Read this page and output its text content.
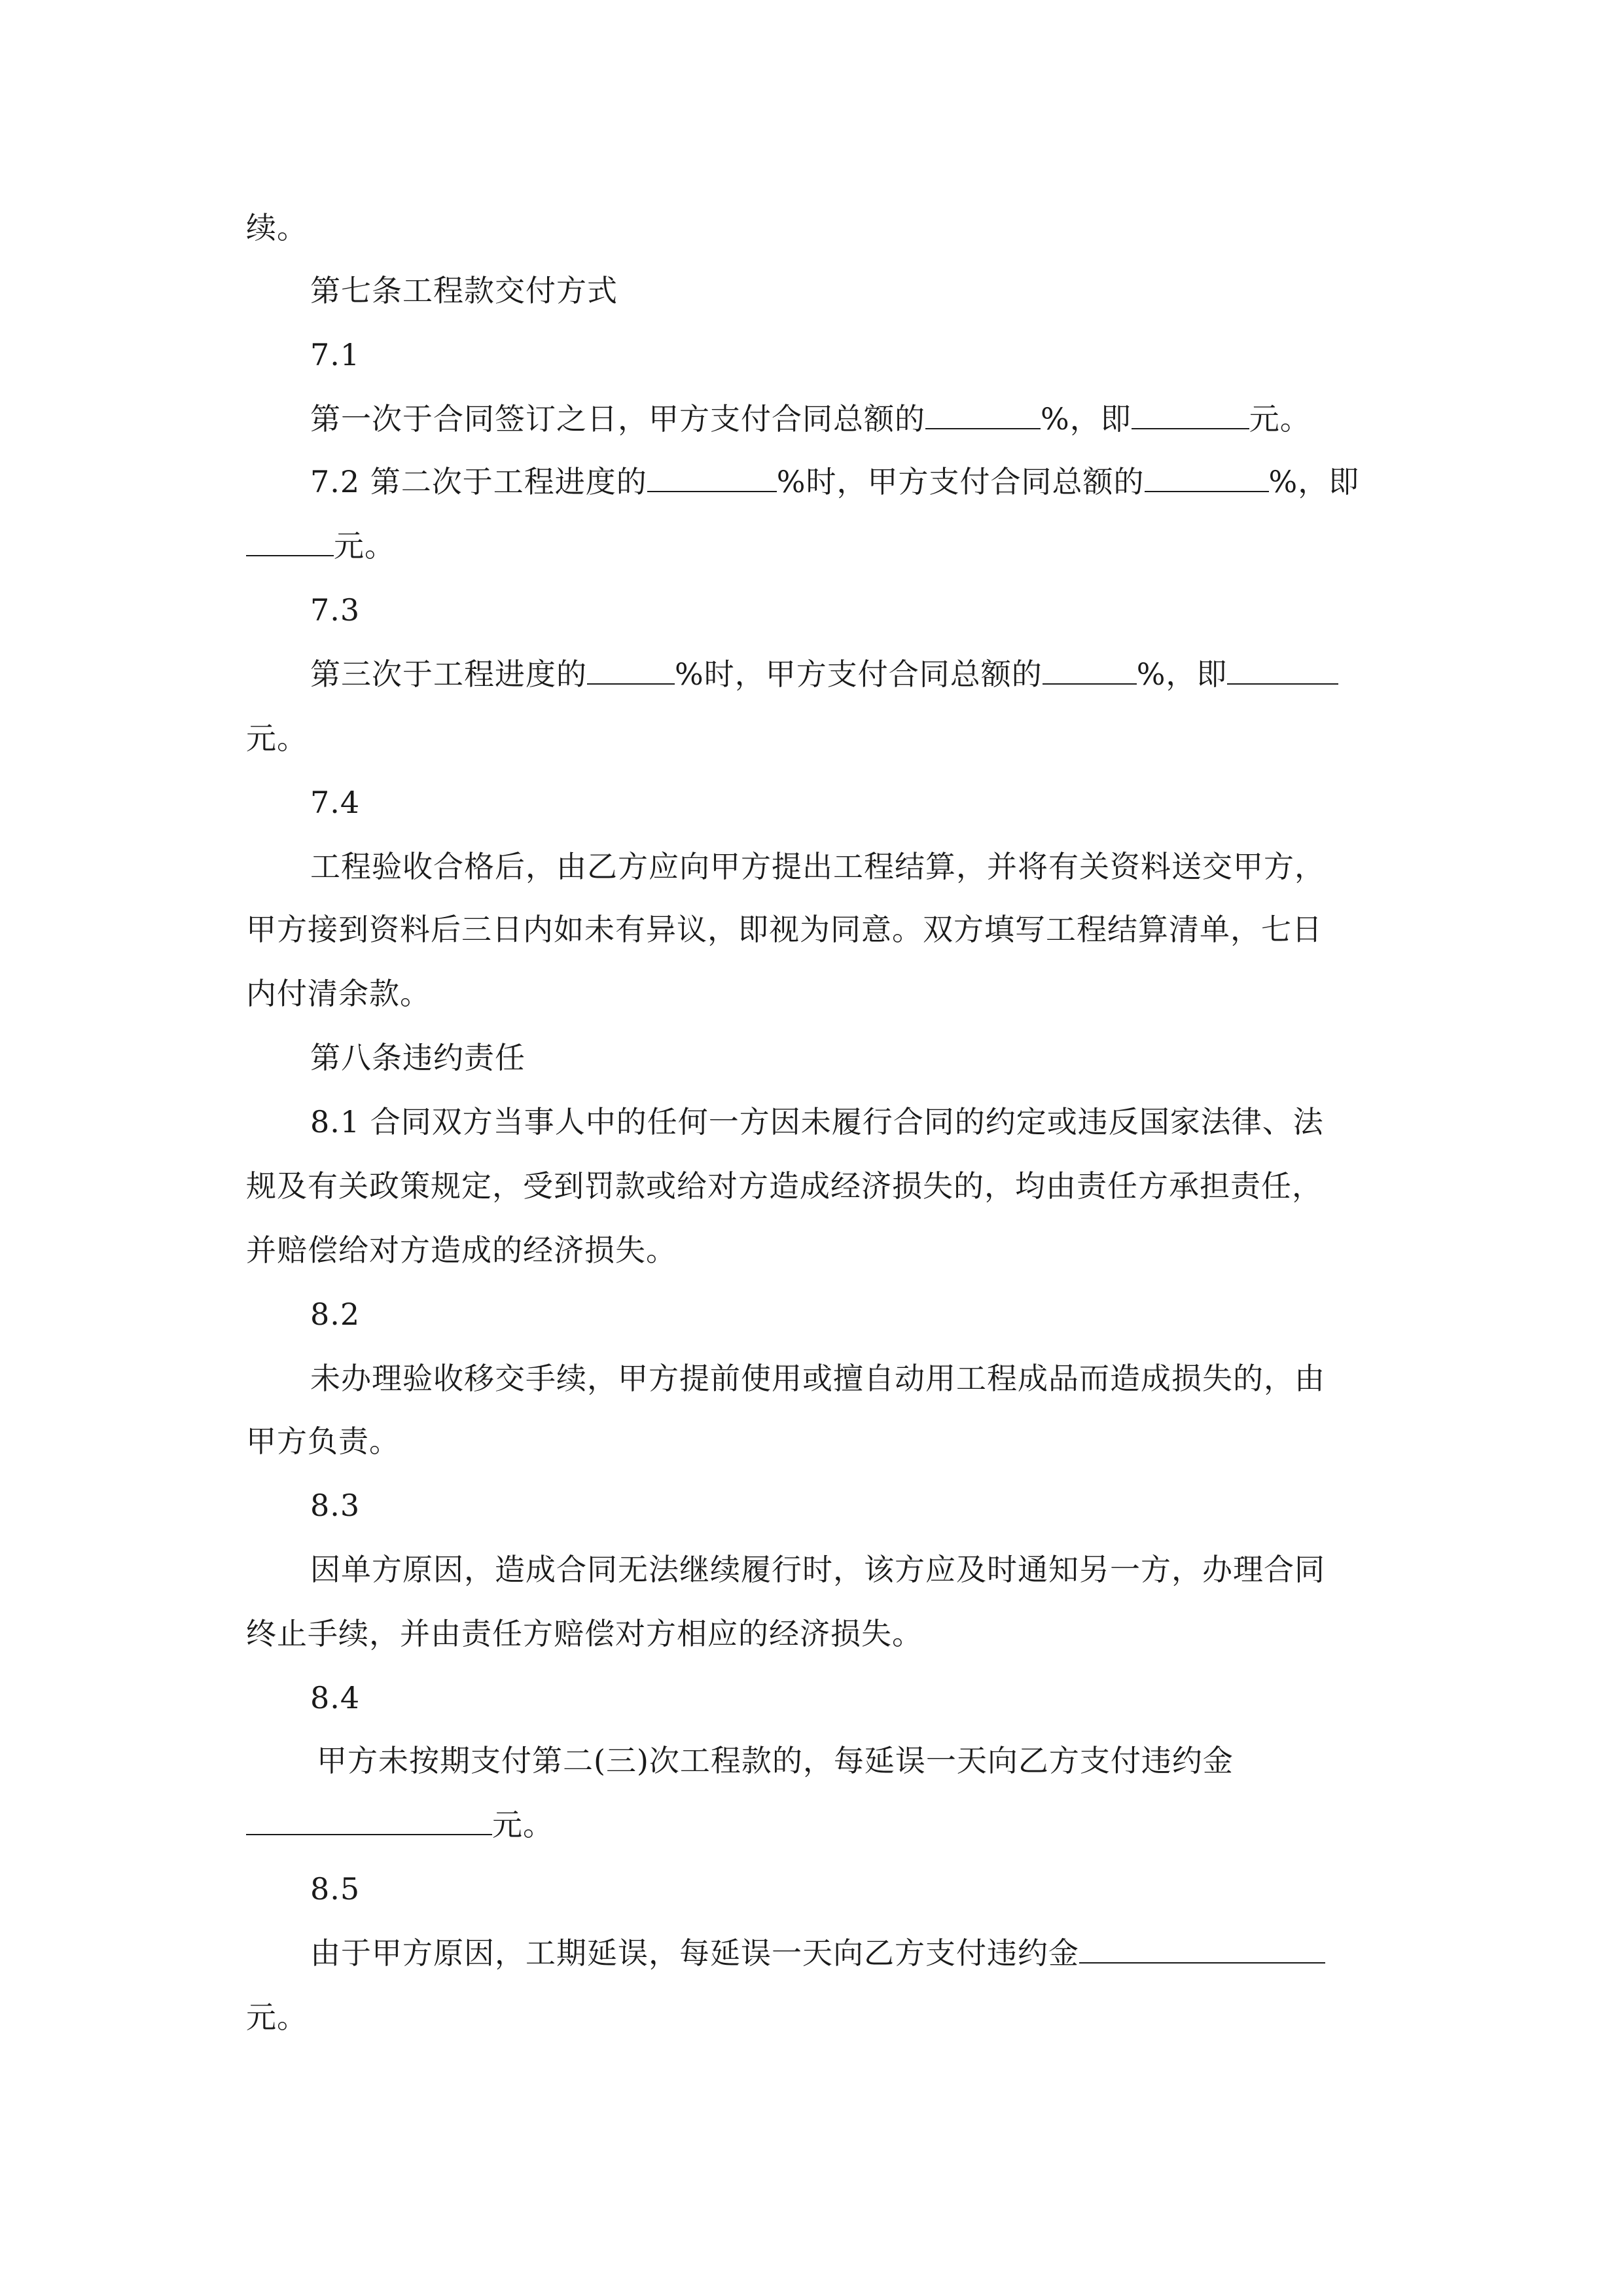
续。
第七条工程款交付方式
7.1
第一次于合同签订之日，甲方支付合同总额的	%，即	元。
7.2 第二次于工程进度的	%时，甲方支付合同总额的	%，即
元。
7.3
第三次于工程进度的	%时，甲方支付合同总额的	%，即
元。
7.4
工程验收合格后，由乙方应向甲方提出工程结算，并将有关资料送交甲方，
甲方接到资料后三日内如未有异议，即视为同意。双方填写工程结算清单，七日
内付清余款。
第八条违约责任
8.1 合同双方当事人中的任何一方因未履行合同的约定或违反国家法律、法
规及有关政策规定，受到罚款或给对方造成经济损失的，均由责任方承担责任，
并赔偿给对方造成的经济损失。
8.2
未办理验收移交手续，甲方提前使用或擅自动用工程成品而造成损失的，由
甲方负责。
8.3
因单方原因，造成合同无法继续履行时，该方应及时通知另一方，办理合同
终止手续，并由责任方赔偿对方相应的经济损失。
8.4
甲方未按期支付第二(三)次工程款的，每延误一天向乙方支付违约金
元。
8.5
由于甲方原因，工期延误，每延误一天向乙方支付违约金
元。
